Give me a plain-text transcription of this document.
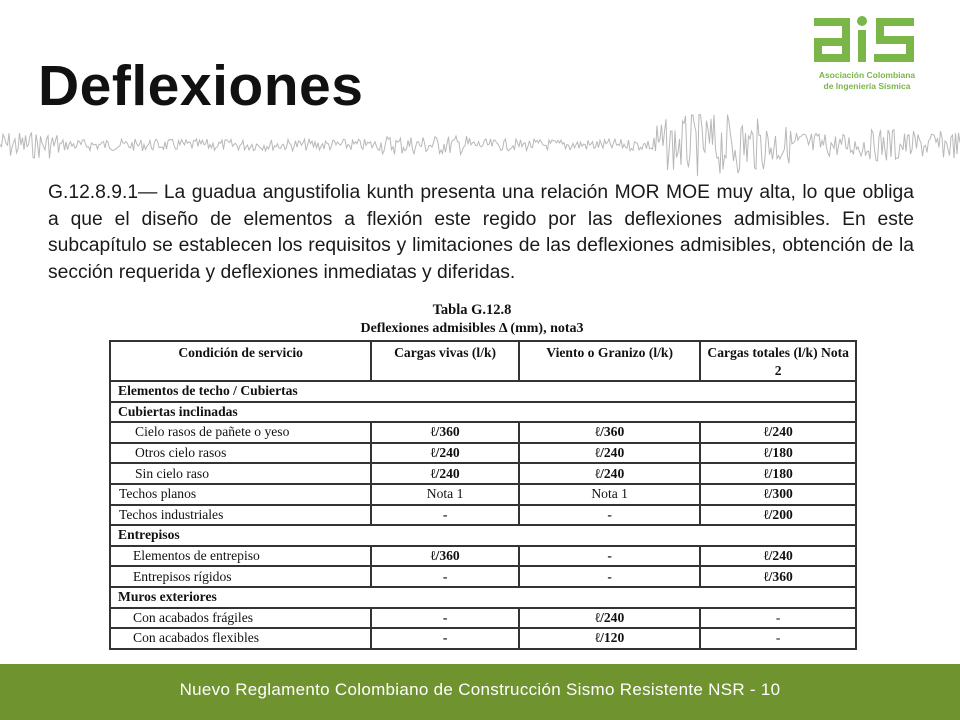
Deflexiones	Asociación Colombiana
de Ingeniería Sísmica
G.12.8.9.1— La guadua angustifolia kunth presenta una relación MOR MOE muy alta, lo que obliga a que el diseño de elementos a flexión este regido por las deflexiones admisibles. En este subcapítulo se establecen los requisitos y limitaciones de las deflexiones admisibles, obtención de la sección requerida y deflexiones inmediatas y diferidas.
Tabla G.12.8
Deflexiones admisibles Δ (mm), nota3
Condición de servicio	Cargas vivas (l/k)	Viento o Granizo (l/k)	Cargas totales (l/k) Nota 2
Elementos de techo / Cubiertas			
Cubiertas inclinadas			
Cielo rasos de pañete o yeso	ℓ/360	ℓ/360	ℓ/240
Otros cielo rasos	ℓ/240	ℓ/240	ℓ/180
Sin cielo raso	ℓ/240	ℓ/240	ℓ/180
Techos planos	Nota 1	Nota 1	ℓ/300
Techos industriales	-	-	ℓ/200
Entrepisos			
Elementos de entrepiso	ℓ/360	-	ℓ/240
Entrepisos rígidos	-	-	ℓ/360
Muros exteriores			
Con acabados frágiles	-	ℓ/240	-
Con acabados flexibles	-	ℓ/120	-
Nuevo Reglamento Colombiano de Construcción Sismo Resistente NSR - 10
